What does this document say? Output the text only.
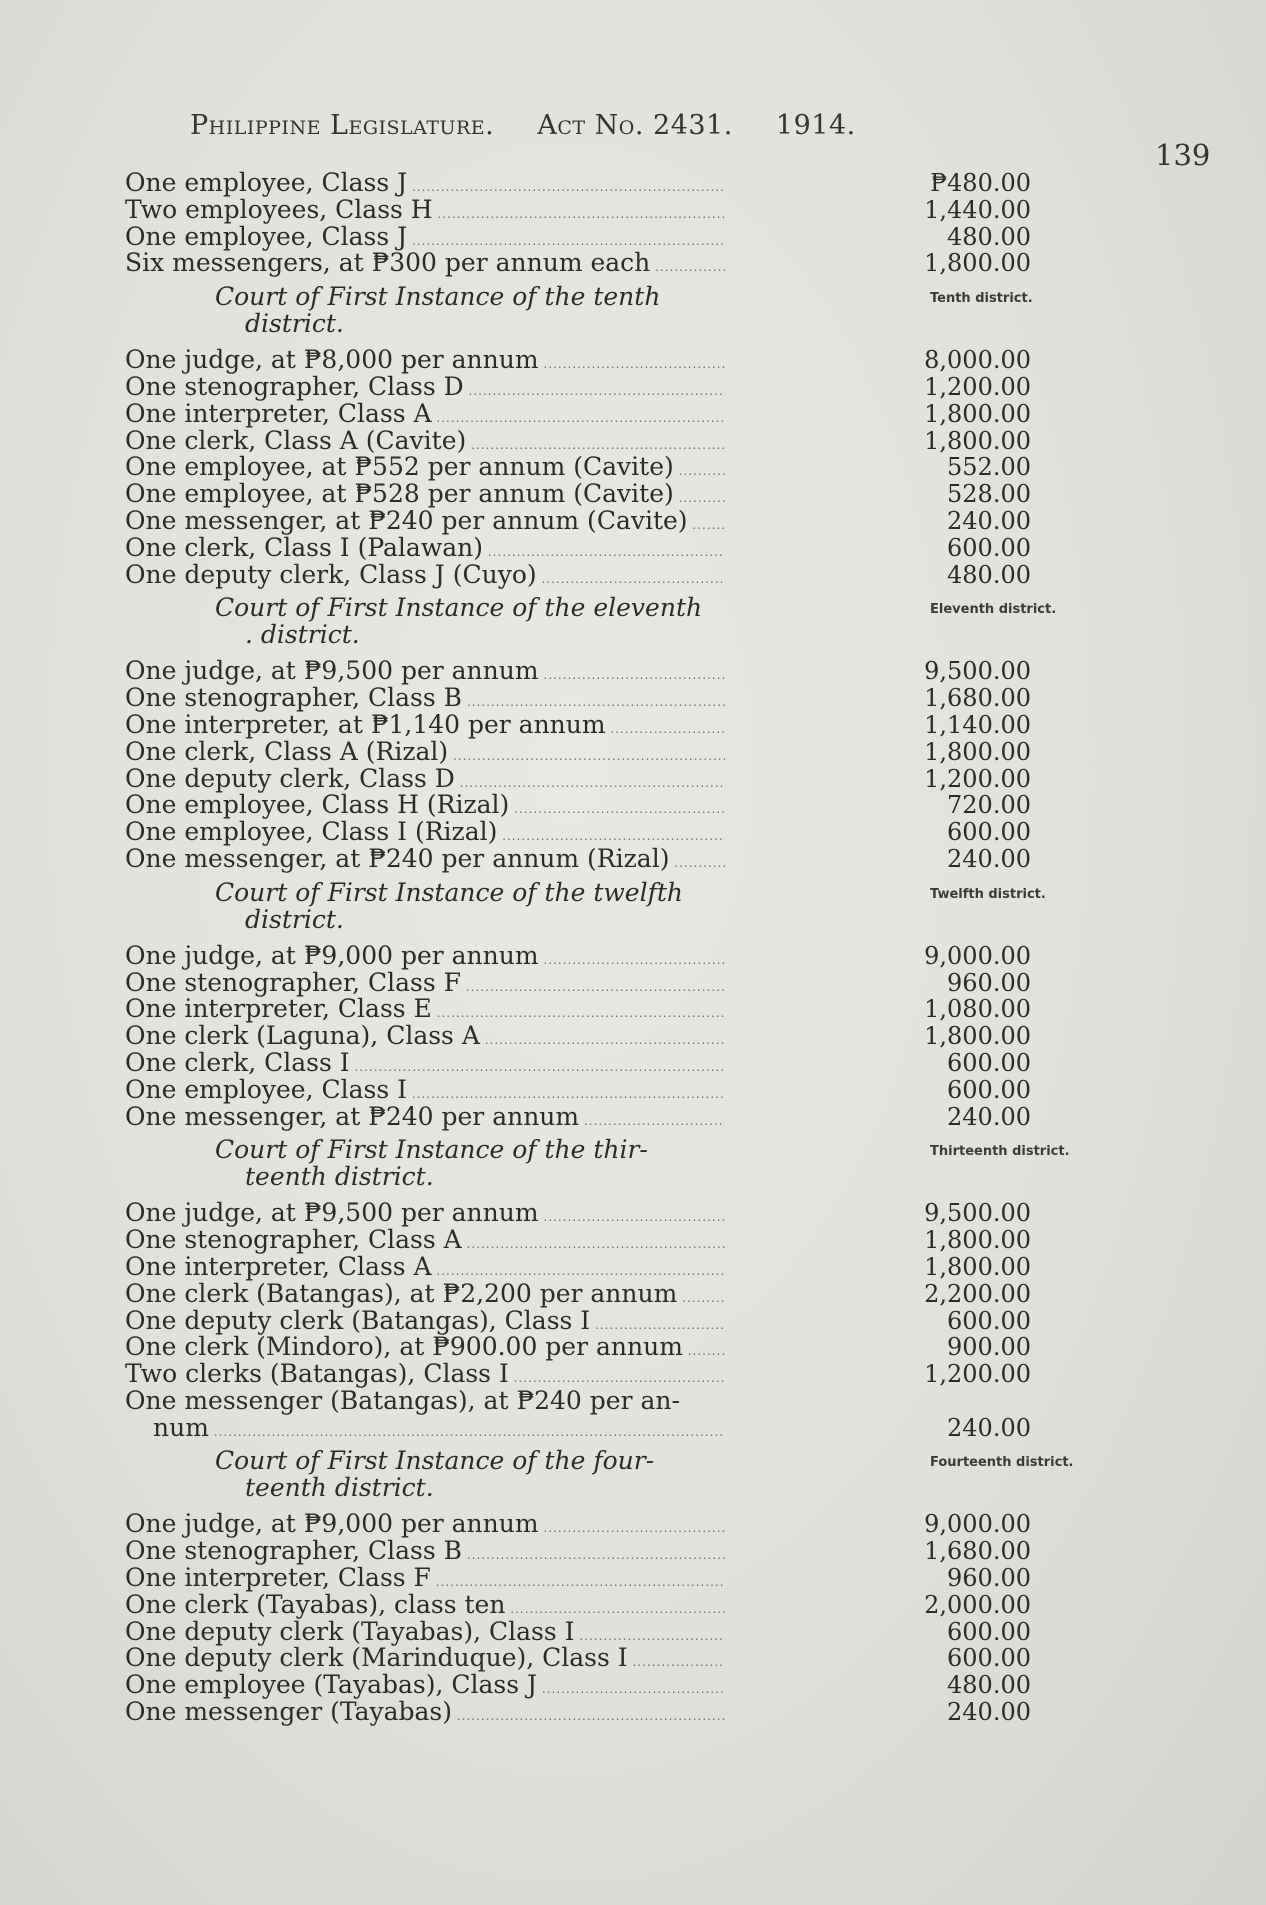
Philippine Legislature. Act No. 2431. 1914.
139
One employee, Class J .....	₱480.00
Two employees, Class H .....	1,440.00
One employee, Class J .....	480.00
Six messengers, at ₱300 per annum each .....	1,800.00
Court of First Instance of the tenth
district.
Tenth district.
One judge, at ₱8,000 per annum .....	8,000.00
One stenographer, Class D .....	1,200.00
One interpreter, Class A .....	1,800.00
One clerk, Class A (Cavite) .....	1,800.00
One employee, at ₱552 per annum (Cavite) .....	552.00
One employee, at ₱528 per annum (Cavite) .....	528.00
One messenger, at ₱240 per annum (Cavite) .....	240.00
One clerk, Class I (Palawan) .....	600.00
One deputy clerk, Class J (Cuyo) .....	480.00
Court of First Instance of the eleventh
. district.
Eleventh district.
One judge, at ₱9,500 per annum .....	9,500.00
One stenographer, Class B .....	1,680.00
One interpreter, at ₱1,140 per annum .....	1,140.00
One clerk, Class A (Rizal) .....	1,800.00
One deputy clerk, Class D .....	1,200.00
One employee, Class H (Rizal) .....	720.00
One employee, Class I (Rizal) .....	600.00
One messenger, at ₱240 per annum (Rizal) .....	240.00
Court of First Instance of the twelfth
district.
Twelfth district.
One judge, at ₱9,000 per annum .....	9,000.00
One stenographer, Class F .....	960.00
One interpreter, Class E .....	1,080.00
One clerk (Laguna), Class A .....	1,800.00
One clerk, Class I .....	600.00
One employee, Class I .....	600.00
One messenger, at ₱240 per annum .....	240.00
Court of First Instance of the thir-
teenth district.
Thirteenth district.
One judge, at ₱9,500 per annum .....	9,500.00
One stenographer, Class A .....	1,800.00
One interpreter, Class A .....	1,800.00
One clerk (Batangas), at ₱2,200 per annum .....	2,200.00
One deputy clerk (Batangas), Class I .....	600.00
One clerk (Mindoro), at ₱900.00 per annum .....	900.00
Two clerks (Batangas), Class I .....	1,200.00
One messenger (Batangas), at ₱240 per an-
num .....	240.00
Court of First Instance of the four-
teenth district.
Fourteenth district.
One judge, at ₱9,000 per annum .....	9,000.00
One stenographer, Class B .....	1,680.00
One interpreter, Class F .....	960.00
One clerk (Tayabas), class ten .....	2,000.00
One deputy clerk (Tayabas), Class I .....	600.00
One deputy clerk (Marinduque), Class I .....	600.00
One employee (Tayabas), Class J .....	480.00
One messenger (Tayabas) .....	240.00
